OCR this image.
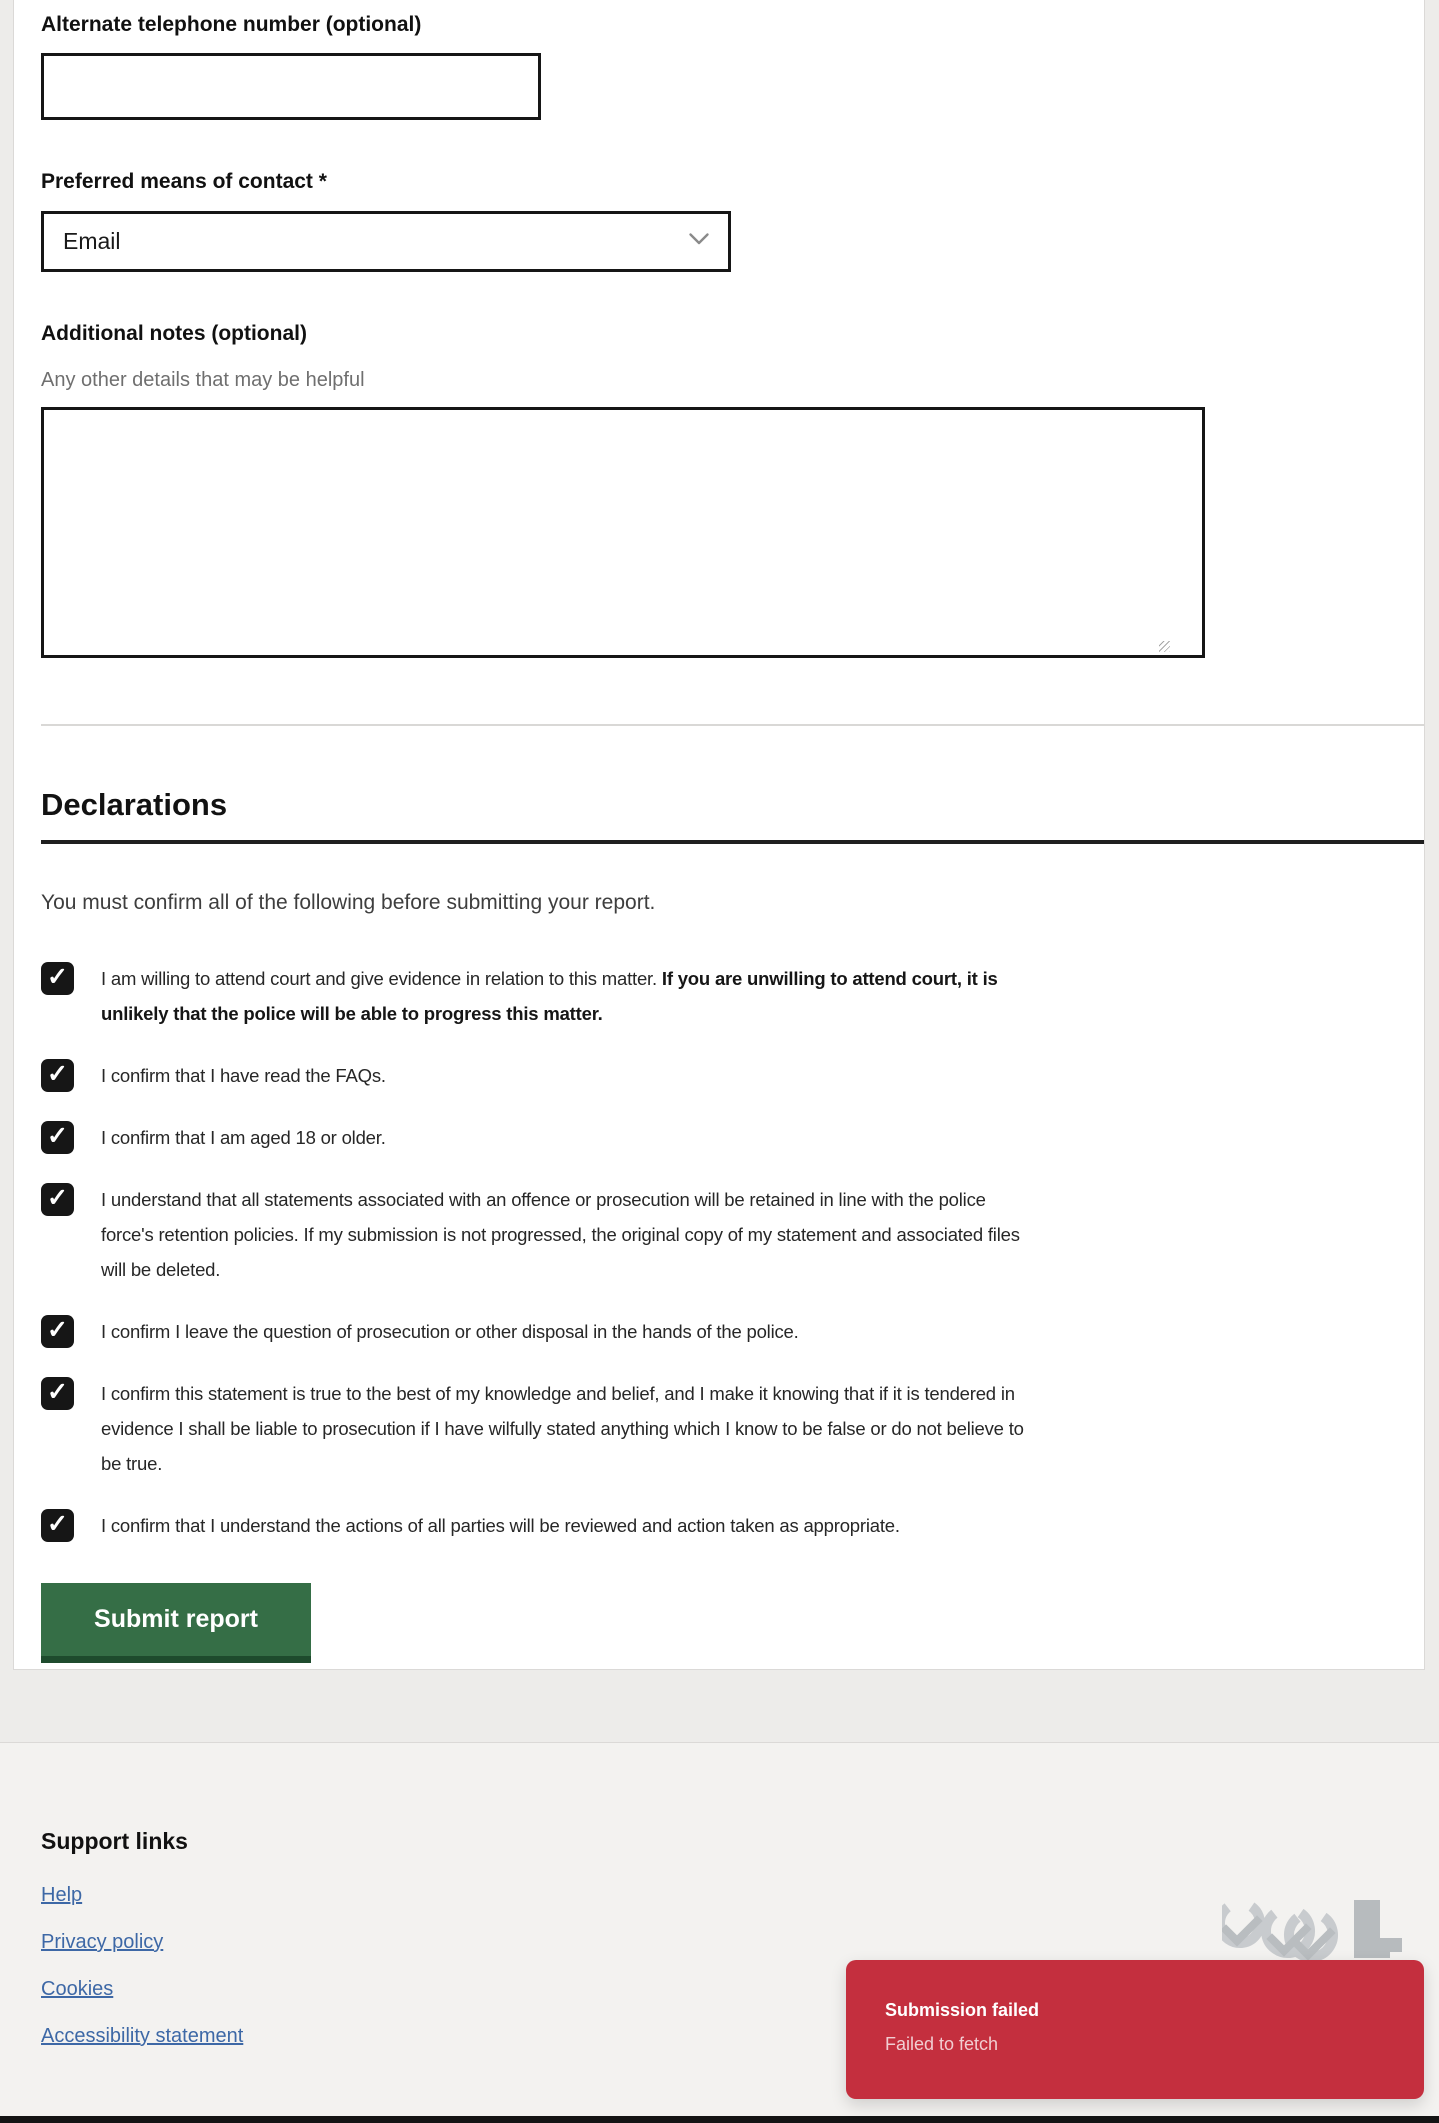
Alternate telephone number (optional)
Preferred means of contact *
Email
Additional notes (optional)
Any other details that may be helpful
Declarations

You must confirm all of the following before submitting your report.

✓ I am willing to attend court and give evidence in relation to this matter. If you are unwilling to attend court, it is unlikely that the police will be able to progress this matter.
✓ I confirm that I have read the FAQs.
✓ I confirm that I am aged 18 or older.
✓ I understand that all statements associated with an offence or prosecution will be retained in line with the police force's retention policies. If my submission is not progressed, the original copy of my statement and associated files will be deleted.
✓ I confirm I leave the question of prosecution or other disposal in the hands of the police.
✓ I confirm this statement is true to the best of my knowledge and belief, and I make it knowing that if it is tendered in evidence I shall be liable to prosecution if I have wilfully stated anything which I know to be false or do not believe to be true.
✓ I confirm that I understand the actions of all parties will be reviewed and action taken as appropriate.
Submit report
Support links
Help
Privacy policy
Cookies
Accessibility statement
Submission failed
Failed to fetch
